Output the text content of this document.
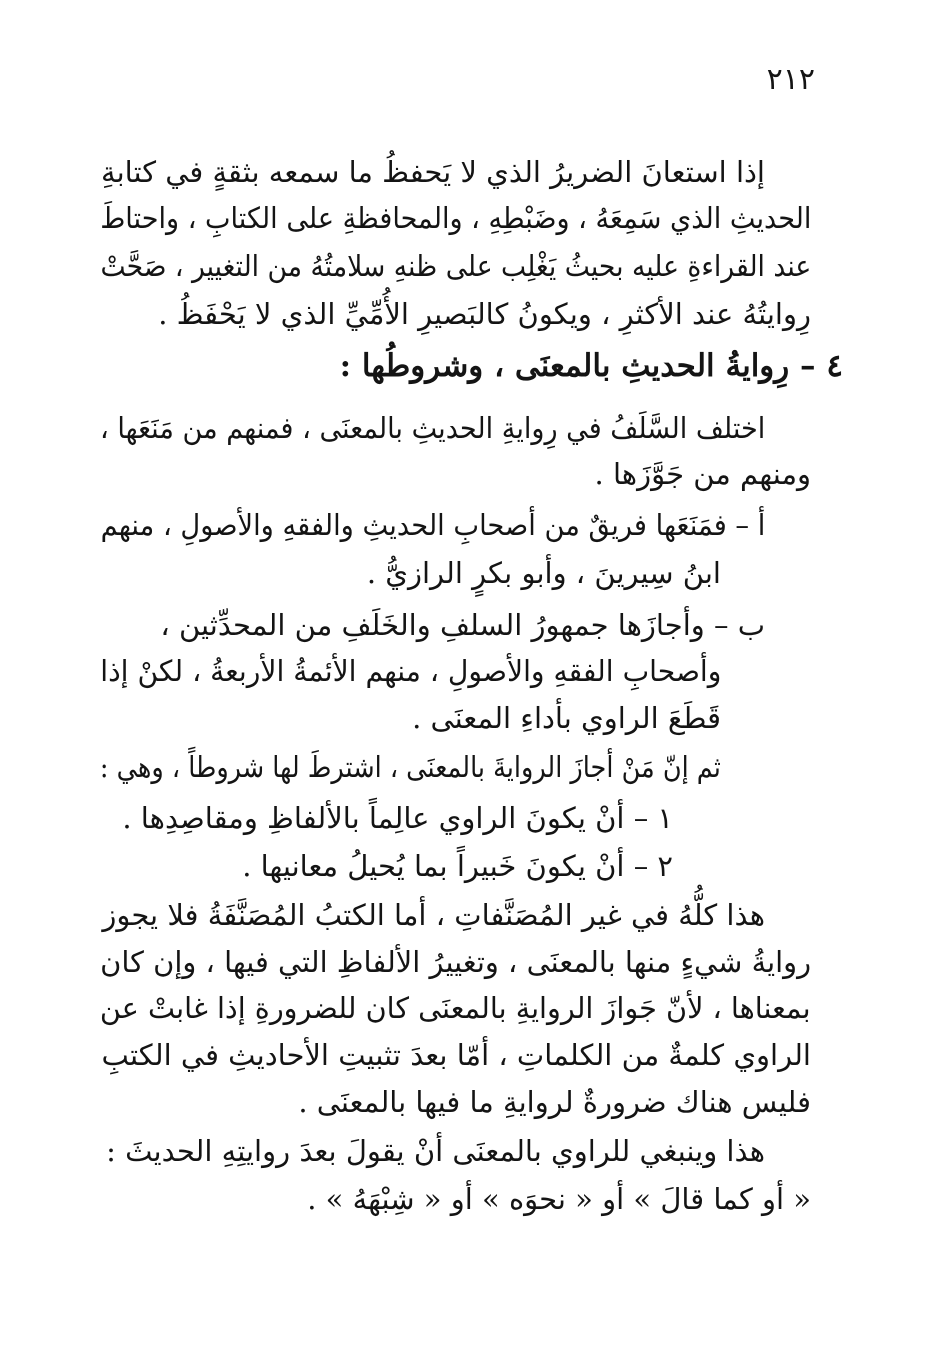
٢١٢
إذا استعانَ الضريرُ الذي لا يَحفظُ ما سمعه بثقةٍ في كتابةِ
الحديثِ الذي سَمِعَهُ ، وضَبْطِهِ ، والمحافظةِ على الكتابِ ، واحتاطَ
عند القراءةِ عليه بحيثُ يَغْلِب على ظنهِ سلامتُهُ من التغيير ، صَحَّتْ
رِوايتُهُ عند الأكثرِ ، ويكونُ كالبَصيرِ الأُمِّيِّ الذي لا يَحْفَظُ .
٤ – رِوايةُ الحديثِ بالمعنَى ، وشروطُها :
اختلف السَّلَفُ في رِوايةِ الحديثِ بالمعنَى ، فمنهم من مَنَعَها ،
ومنهم من جَوَّزَها .
أ – فمَنَعَها فريقٌ من أصحابِ الحديثِ والفقهِ والأصولِ ، منهم
ابنُ سِيرينَ ، وأبو بكرٍ الرازيُّ .
ب – وأجازَها جمهورُ السلفِ والخَلَفِ من المحدِّثين ،
وأصحابِ الفقهِ والأصولِ ، منهم الأئمةُ الأربعةُ ، لكنْ إذا
قَطَعَ الراوي بأداءِ المعنَى .
ثم إنّ مَنْ أجازَ الروايةَ بالمعنَى ، اشترطَ لها شروطاً ، وهي :
١ – أنْ يكونَ الراوي عالِماً بالألفاظِ ومقاصِدِها .
٢ – أنْ يكونَ خَبيراً بما يُحيلُ معانيها .
هذا كلُّهُ في غير المُصَنَّفاتِ ، أما الكتبُ المُصَنَّفَةُ فلا يجوز
روايةُ شيءٍ منها بالمعنَى ، وتغييرُ الألفاظِ التي فيها ، وإن كان
بمعناها ، لأنّ جَوازَ الروايةِ بالمعنَى كان للضرورةِ إذا غابتْ عن
الراوي كلمةٌ من الكلماتِ ، أمّا بعدَ تثبيتِ الأحاديثِ في الكتبِ
فليس هناك ضرورةٌ لروايةِ ما فيها بالمعنَى .
هذا وينبغي للراوي بالمعنَى أنْ يقولَ بعدَ روايتِهِ الحديثَ :
« أو كما قالَ » أو « نحوَه » أو « شِبْهَهُ » .
